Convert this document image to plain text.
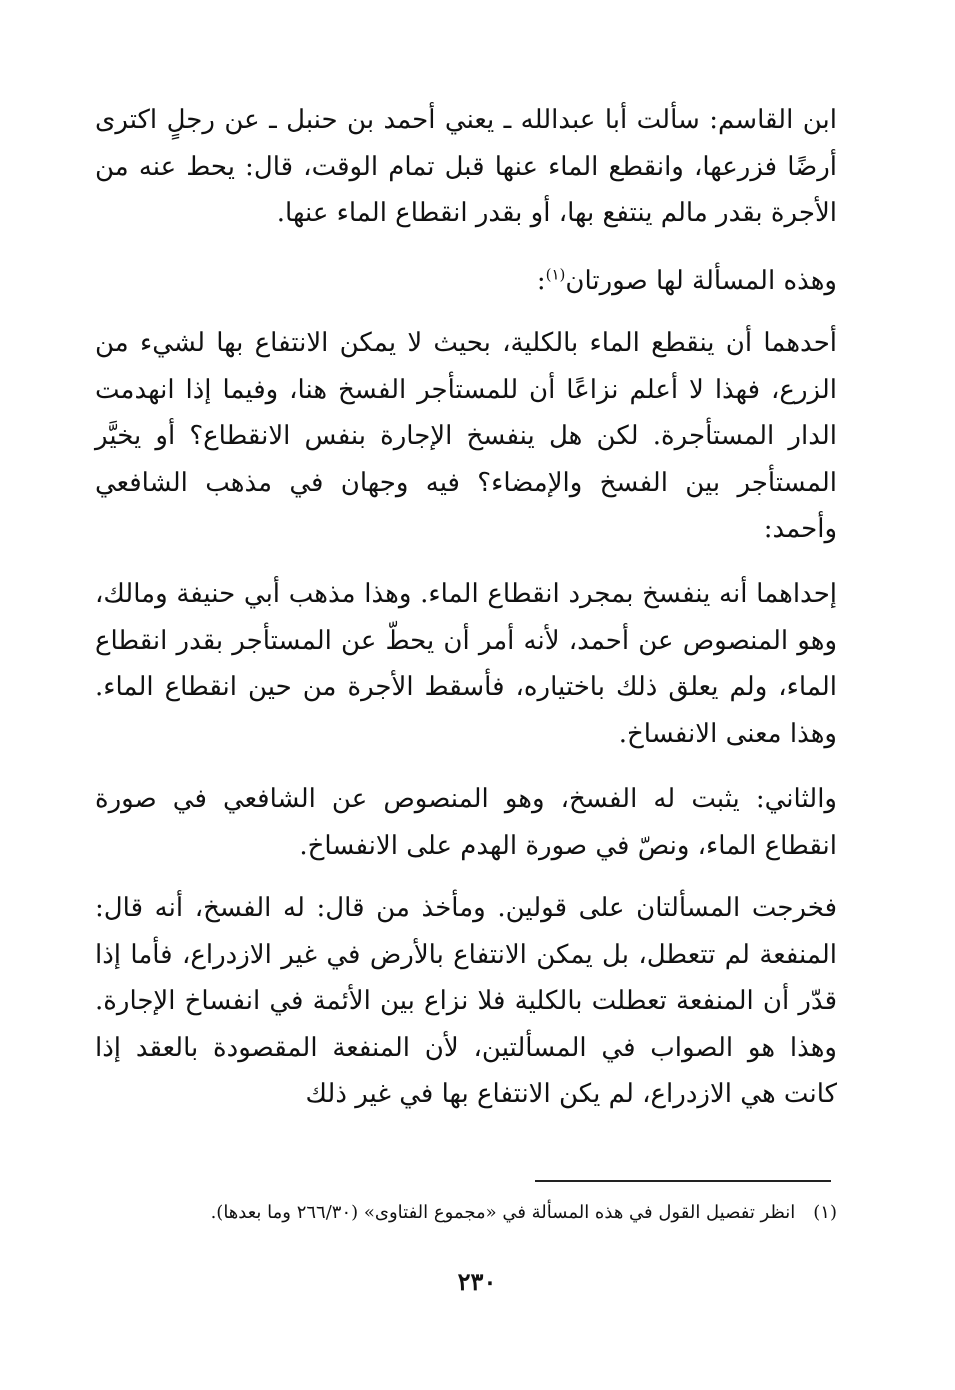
ابن القاسم: سألت أبا عبدالله ـ يعني أحمد بن حنبل ـ عن رجلٍ اكترى أرضًا فزرعها، وانقطع الماء عنها قبل تمام الوقت، قال: يحط عنه من الأجرة بقدر مالم ينتفع بها، أو بقدر انقطاع الماء عنها.
وهذه المسألة لها صورتان$^{(١)}$:
أحدهما أن ينقطع الماء بالكلية، بحيث لا يمكن الانتفاع بها لشيء من الزرع، فهذا لا أعلم نزاعًا أن للمستأجر الفسخ هنا، وفيما إذا انهدمت الدار المستأجرة. لكن هل ينفسخ الإجارة بنفس الانقطاع؟ أو يخيَّر المستأجر بين الفسخ والإمضاء؟ فيه وجهان في مذهب الشافعي وأحمد:
إحداهما أنه ينفسخ بمجرد انقطاع الماء. وهذا مذهب أبي حنيفة ومالك، وهو المنصوص عن أحمد، لأنه أمر أن يحطّ عن المستأجر بقدر انقطاع الماء، ولم يعلق ذلك باختياره، فأسقط الأجرة من حين انقطاع الماء. وهذا معنى الانفساخ.
والثاني: يثبت له الفسخ، وهو المنصوص عن الشافعي في صورة انقطاع الماء، ونصّ في صورة الهدم على الانفساخ.
فخرجت المسألتان على قولين. ومأخذ من قال: له الفسخ، أنه قال: المنفعة لم تتعطل، بل يمكن الانتفاع بالأرض في غير الازدراع، فأما إذا قدّر أن المنفعة تعطلت بالكلية فلا نزاع بين الأئمة في انفساخ الإجارة. وهذا هو الصواب في المسألتين، لأن المنفعة المقصودة بالعقد إذا كانت هي الازدراع، لم يكن الانتفاع بها في غير ذلك
(١)انظر تفصيل القول في هذه المسألة في «مجموع الفتاوى» (٢٦٦/٣٠ وما بعدها).
٢٣٠
